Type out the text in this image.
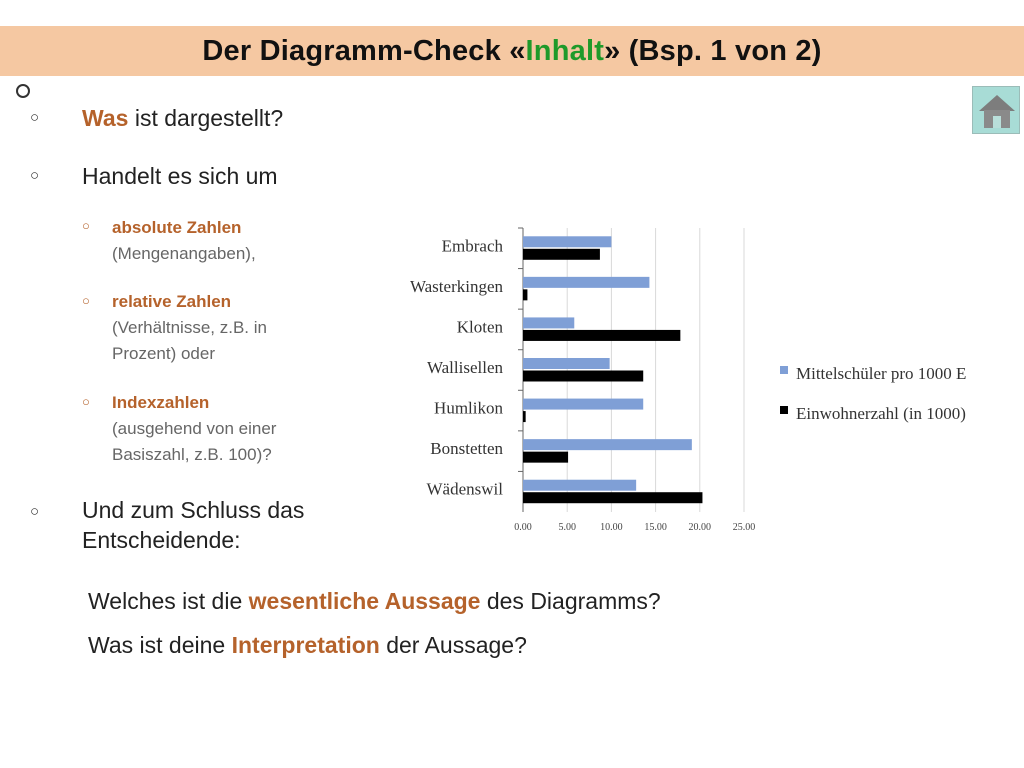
Der Diagramm-Check «Inhalt» (Bsp. 1 von 2)
○ Was ist dargestellt?
○ Handelt es sich um
○ absolute Zahlen
(Mengenangaben),
○ relative Zahlen
(Verhältnisse, z.B. in
Prozent) oder
○ Indexzahlen
(ausgehend von einer
Basiszahl, z.B. 100)?
○ Und zum Schluss das
Entscheidende:	0.00	5.00 10.00 15.00 20.00 25.00
Embrach
Wasterkingen
Kloten
Wallisellen
Humlikon
Bonstetten
Wädenswil
Mittelschüler pro 1000 E
Einwohnerzahl (in 1000)
Welches ist die wesentliche Aussage des Diagramms?
Was ist deine Interpretation der Aussage?
